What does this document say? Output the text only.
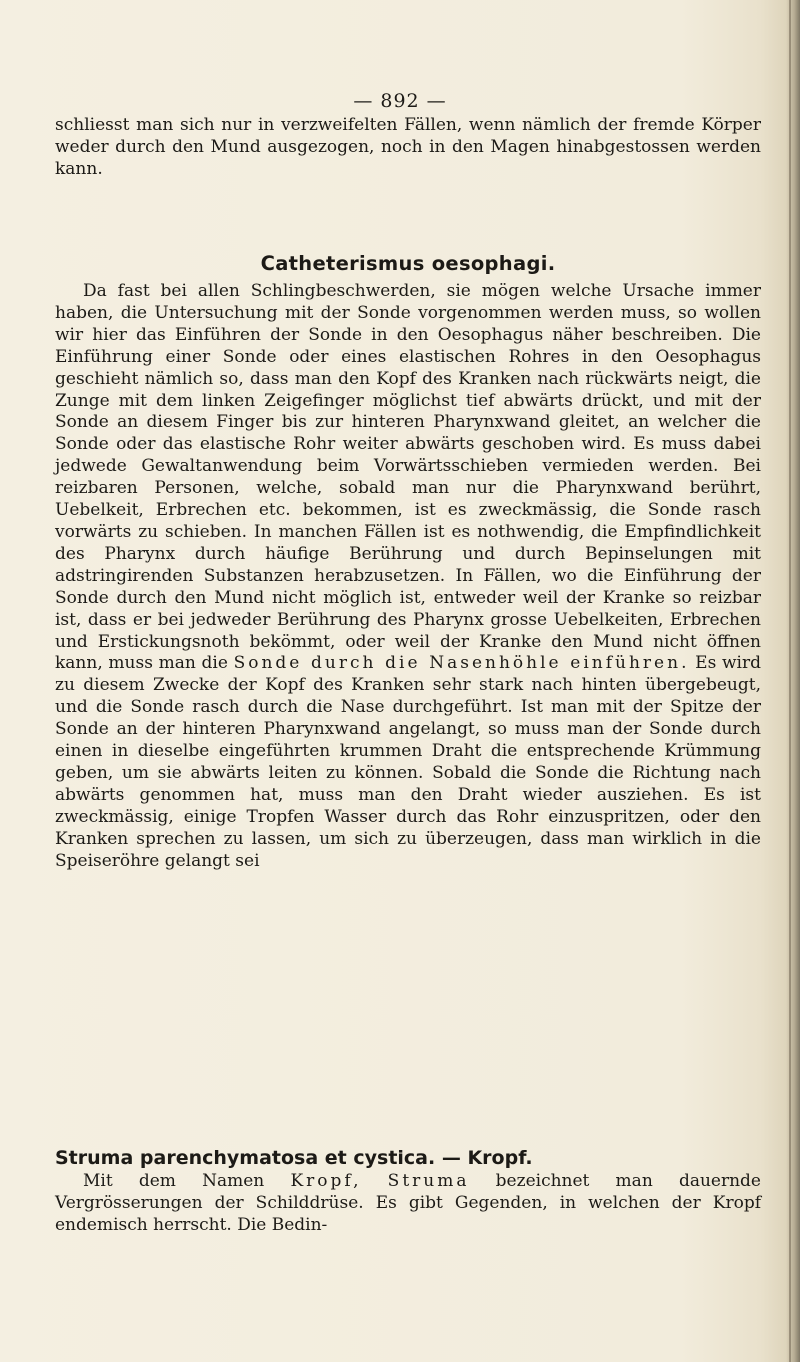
— 892 —

schliesst man sich nur in verzweifelten Fällen, wenn nämlich der fremde Körper weder durch den Mund ausgezogen, noch in den Magen hinabgestossen werden kann.

Catheterismus oesophagi.

Da fast bei allen Schlingbeschwerden, sie mögen welche Ursache immer haben, die Untersuchung mit der Sonde vorgenommen werden muss, so wollen wir hier das Einführen der Sonde in den Oesophagus näher beschreiben. Die Einführung einer Sonde oder eines elastischen Rohres in den Oesophagus geschieht nämlich so, dass man den Kopf des Kranken nach rückwärts neigt, die Zunge mit dem linken Zeigefinger möglichst tief abwärts drückt, und mit der Sonde an diesem Finger bis zur hinteren Pharynxwand gleitet, an welcher die Sonde oder das elastische Rohr weiter abwärts geschoben wird. Es muss dabei jedwede Gewaltanwendung beim Vorwärtsschieben vermieden werden. Bei reizbaren Personen, welche, sobald man nur die Pharynxwand berührt, Uebelkeit, Erbrechen etc. bekommen, ist es zweckmässig, die Sonde rasch vorwärts zu schieben. In manchen Fällen ist es nothwendig, die Empfindlichkeit des Pharynx durch häufige Berührung und durch Bepinselungen mit adstringirenden Substanzen herabzusetzen. In Fällen, wo die Einführung der Sonde durch den Mund nicht möglich ist, entweder weil der Kranke so reizbar ist, dass er bei jedweder Berührung des Pharynx grosse Uebelkeiten, Erbrechen und Erstickungsnoth bekömmt, oder weil der Kranke den Mund nicht öffnen kann, muss man die Sonde durch die Nasenhöhle einführen. Es wird zu diesem Zwecke der Kopf des Kranken sehr stark nach hinten übergebeugt, und die Sonde rasch durch die Nase durchgeführt. Ist man mit der Spitze der Sonde an der hinteren Pharynxwand angelangt, so muss man der Sonde durch einen in dieselbe eingeführten krummen Draht die entsprechende Krümmung geben, um sie abwärts leiten zu können. Sobald die Sonde die Richtung nach abwärts genommen hat, muss man den Draht wieder ausziehen. Es ist zweckmässig, einige Tropfen Wasser durch das Rohr einzuspritzen, oder den Kranken sprechen zu lassen, um sich zu überzeugen, dass man wirklich in die Speiseröhre gelangt sei

Struma parenchymatosa et cystica. — Kropf.

Mit dem Namen Kropf, Struma bezeichnet man dauernde Vergrösserungen der Schilddrüse. Es gibt Gegenden, in welchen der Kropf endemisch herrscht. Die Bedin-
